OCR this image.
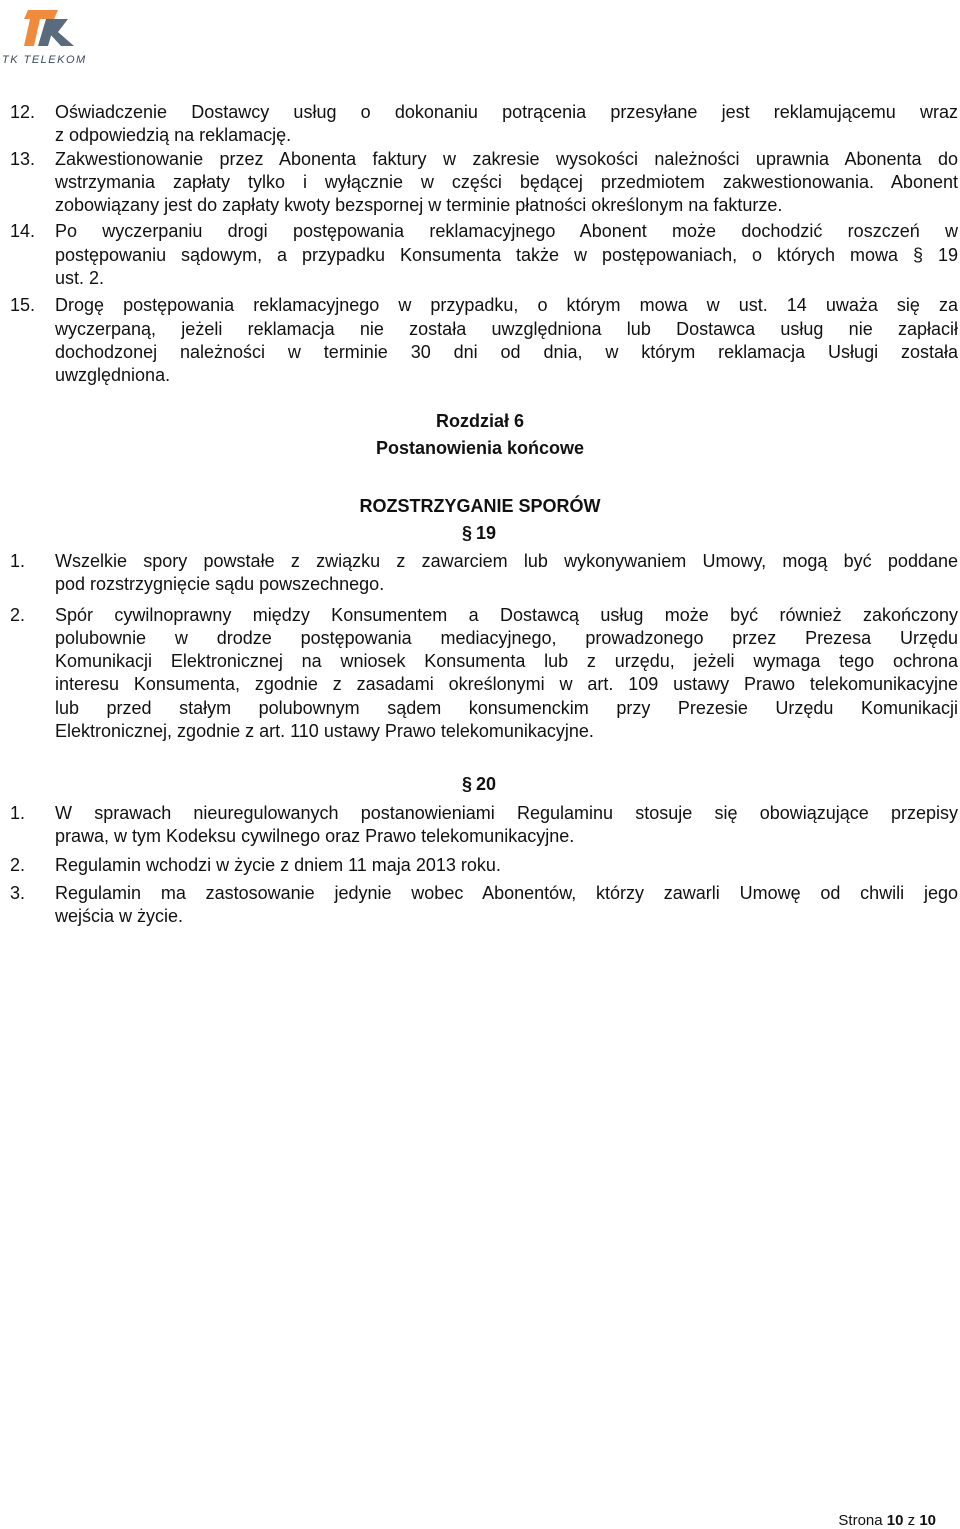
TK TELEKOM
12. Oświadczenie Dostawcy usług o dokonaniu potrącenia przesyłane jest reklamującemu wraz
z odpowiedzią na reklamację.
13. Zakwestionowanie przez Abonenta faktury w zakresie wysokości należności uprawnia Abonenta do
wstrzymania zapłaty tylko i wyłącznie w części będącej przedmiotem zakwestionowania. Abonent
zobowiązany jest do zapłaty kwoty bezspornej w terminie płatności określonym na fakturze.
14. Po wyczerpaniu drogi postępowania reklamacyjnego Abonent może dochodzić roszczeń w
postępowaniu sądowym, a przypadku Konsumenta także w postępowaniach, o których mowa § 19
ust. 2.
15. Drogę postępowania reklamacyjnego w przypadku, o którym mowa w ust. 14 uważa się za
wyczerpaną, jeżeli reklamacja nie została uwzględniona lub Dostawca usług nie zapłacił
dochodzonej należności w terminie 30 dni od dnia, w którym reklamacja Usługi została
uwzględniona.
Rozdział 6
Postanowienia końcowe
ROZSTRZYGANIE SPORÓW
§ 19
1. Wszelkie spory powstałe z związku z zawarciem lub wykonywaniem Umowy, mogą być poddane
pod rozstrzygnięcie sądu powszechnego.
2. Spór cywilnoprawny między Konsumentem a Dostawcą usług może być również zakończony
polubownie w drodze postępowania mediacyjnego, prowadzonego przez Prezesa Urzędu
Komunikacji Elektronicznej na wniosek Konsumenta lub z urzędu, jeżeli wymaga tego ochrona
interesu Konsumenta, zgodnie z zasadami określonymi w art. 109 ustawy Prawo telekomunikacyjne
lub przed stałym polubownym sądem konsumenckim przy Prezesie Urzędu Komunikacji
Elektronicznej, zgodnie z art. 110 ustawy Prawo telekomunikacyjne.
§ 20
1. W sprawach nieuregulowanych postanowieniami Regulaminu stosuje się obowiązujące przepisy
prawa, w tym Kodeksu cywilnego oraz Prawo telekomunikacyjne.
2. Regulamin wchodzi w życie z dniem 11 maja 2013 roku.
3. Regulamin ma zastosowanie jedynie wobec Abonentów, którzy zawarli Umowę od chwili jego
wejścia w życie.
Strona 10 z 10
